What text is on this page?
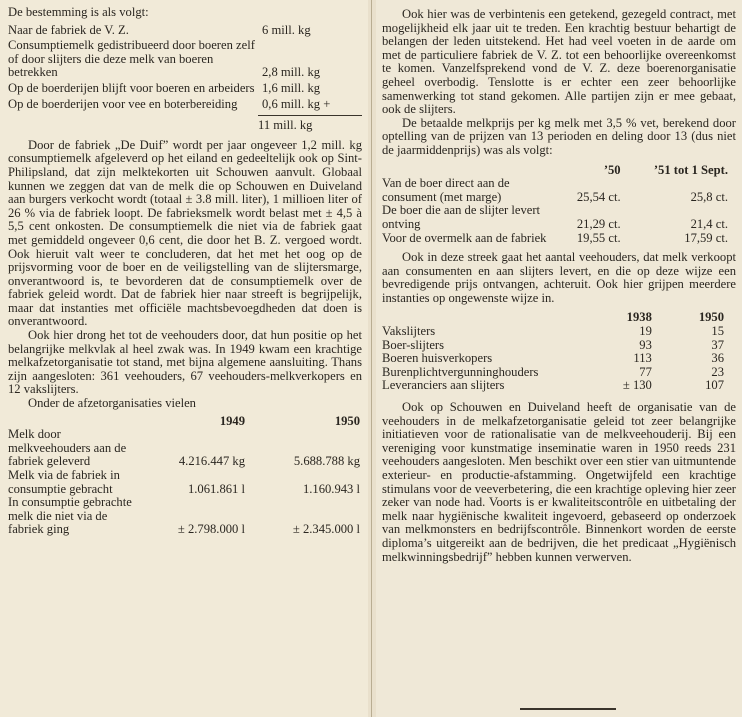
De bestemming is als volgt:

Naar de fabriek de V. Z.	6 mill. kg
Consumptiemelk gedistribueerd door boeren zelf of door slijters die deze melk van boeren betrekken	2,8 mill. kg
Op de boerderijen blijft voor boeren en arbeiders 1,6 mill. kg
Op de boerderijen voor vee en boterbereiding	0,6 mill. kg +
11 mill. kg

Door de fabriek „De Duif” wordt per jaar ongeveer 1,2 mill. kg consumptiemelk afgeleverd op het eiland en gedeeltelijk ook op Sint-Philipsland, dat zijn melktekorten uit Schouwen aanvult. Globaal kunnen we zeggen dat van de melk die op Schouwen en Duiveland aan burgers verkocht wordt (totaal ± 3.8 mill. liter), 1 millioen liter of 26 % via de fabriek loopt. De fabrieksmelk wordt belast met ± 4,5 à 5,5 cent onkosten. De consumptiemelk die niet via de fabriek gaat met gemiddeld ongeveer 0,6 cent, die door het B. Z. vergoed wordt. Ook hieruit valt weer te concluderen, dat het met het oog op de prijsvorming voor de boer en de veiligstelling van de slijtersmarge, onverantwoord is, te bevorderen dat de consumptiemelk over de fabriek geleid wordt. Dat de fabriek hier naar streeft is begrijpelijk, maar dat instanties met officiële machtsbevoegdheden dat doen is onverantwoord.

Ook hier drong het tot de veehouders door, dat hun positie op het belangrijke melkvlak al heel zwak was. In 1949 kwam een krachtige melkafzetorganisatie tot stand, met bijna algemene aansluiting. Thans zijn aangesloten: 361 veehouders, 67 veehouders-melkverkopers en 12 vakslijters.

Onder de afzetorganisaties vielen

	1949	1950
Melk door melkveehouders aan de fabriek geleverd	4.216.447 kg	5.688.788 kg
Melk via de fabriek in consumptie gebracht	1.061.861 l	1.160.943 l
In consumptie gebrachte melk die niet via de fabriek ging	± 2.798.000 l	± 2.345.000 l

Ook hier was de verbintenis een getekend, gezegeld contract, met mogelijkheid elk jaar uit te treden. Een krachtig bestuur behartigt de belangen der leden uitstekend. Het had veel voeten in de aarde om met de particuliere fabriek de V. Z. tot een behoorlijke overeenkomst te komen. Vanzelfsprekend vond de V. Z. deze boerenorganisatie geheel overbodig. Tenslotte is er echter een zeer behoorlijke samenwerking tot stand gekomen. Alle partijen zijn er mee gebaat, ook de slijters.

De betaalde melkprijs per kg melk met 3,5 % vet, berekend door optelling van de prijzen van 13 perioden en deling door 13 (dus niet de jaarmiddenprijs) was als volgt:

	’50	’51 tot 1 Sept.
Van de boer direct aan de consument (met marge)	25,54 ct.	25,8 ct.
De boer die aan de slijter levert ontving	21,29 ct.	21,4 ct.
Voor de overmelk aan de fabriek	19,55 ct.	17,59 ct.

Ook in deze streek gaat het aantal veehouders, dat melk verkoopt aan consumenten en aan slijters levert, en die op deze wijze een bevredigende prijs ontvangen, achteruit. Ook hier grijpen meerdere instanties op ongewenste wijze in.

	1938	1950
Vakslijters	19	15
Boer-slijters	93	37
Boeren huisverkopers	113	36
Burenplichtvergunninghouders	77	23
Leveranciers aan slijters	± 130	107

Ook op Schouwen en Duiveland heeft de organisatie van de veehouders in de melkafzetorganisatie geleid tot zeer belangrijke initiatieven voor de rationalisatie van de melkveehouderij. Bij een vereniging voor kunstmatige inseminatie waren in 1950 reeds 231 veehouders aangesloten. Men beschikt over een stier van uitmuntende exterieur- en productie-afstamming. Ongetwijfeld een krachtige stimulans voor de veeverbetering, die een krachtige opleving hier zeer zeker van node had. Voorts is er kwaliteitscontrôle en uitbetaling der melk naar hygiënische kwaliteit ingevoerd, gebaseerd op onderzoek van melkmonsters en bedrijfscontrôle. Binnenkort worden de eerste diploma’s uitgereikt aan de bedrijven, die het predicaat „Hygiënisch melkwinningsbedrijf” hebben kunnen verwerven.
